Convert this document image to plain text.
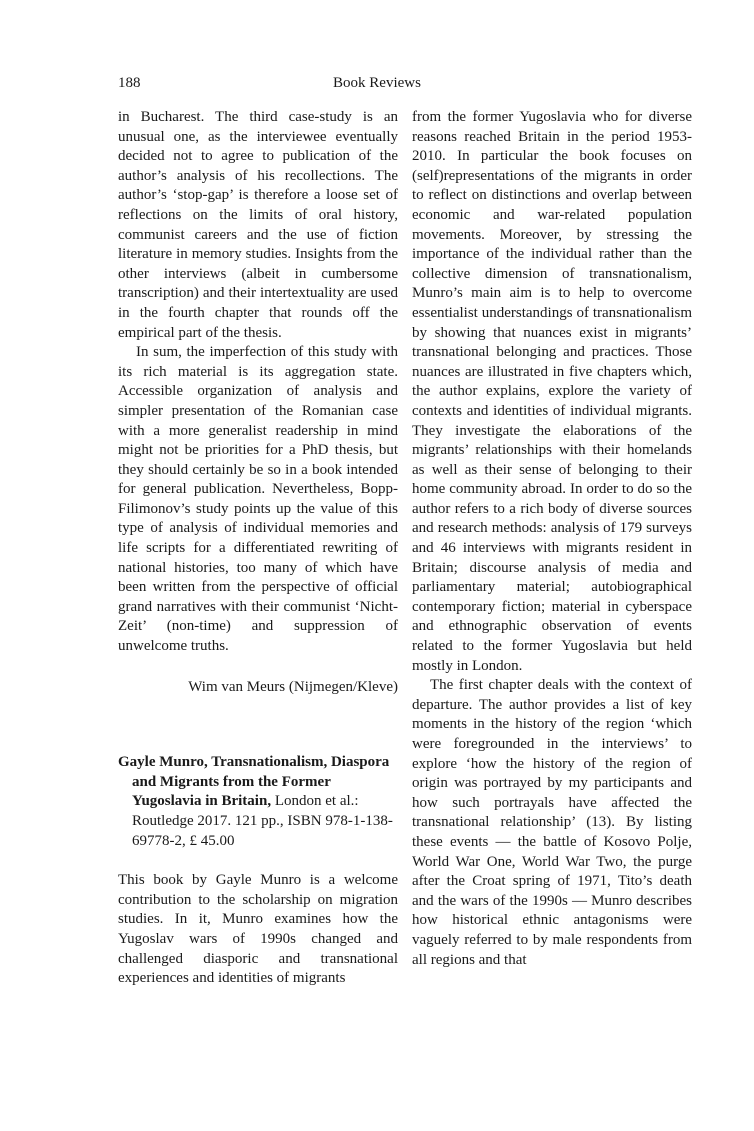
188	Book Reviews

in Bucharest. The third case-study is an unusual one, as the interviewee eventually decided not to agree to publication of the author’s analysis of his recollections. The author’s ‘stop-gap’ is therefore a loose set of reflections on the limits of oral history, communist careers and the use of fiction literature in memory studies. Insights from the other interviews (albeit in cumbersome transcription) and their intertextuality are used in the fourth chapter that rounds off the empirical part of the thesis.

In sum, the imperfection of this study with its rich material is its aggregation state. Accessible organization of analysis and simpler presentation of the Romanian case with a more generalist readership in mind might not be priorities for a PhD thesis, but they should certainly be so in a book intended for general publication. Nevertheless, Bopp-Filimonov’s study points up the value of this type of analysis of individual memories and life scripts for a differentiated rewriting of national histories, too many of which have been written from the perspective of official grand narratives with their communist ‘Nicht-Zeit’ (non-time) and suppression of unwelcome truths.

Wim van Meurs (Nijmegen/Kleve)

Gayle Munro, Transnationalism, Diaspora and Migrants from the Former Yugoslavia in Britain, London et al.: Routledge 2017. 121 pp., ISBN 978-1-138-69778-2, £ 45.00

This book by Gayle Munro is a welcome contribution to the scholarship on migration studies. In it, Munro examines how the Yugoslav wars of 1990s changed and challenged diasporic and transnational experiences and identities of migrants

from the former Yugoslavia who for diverse reasons reached Britain in the period 1953-2010. In particular the book focuses on (self)representations of the migrants in order to reflect on distinctions and overlap between economic and war-related population movements. Moreover, by stressing the importance of the individual rather than the collective dimension of transnationalism, Munro’s main aim is to help to overcome essentialist understandings of transnationalism by showing that nuances exist in migrants’ transnational belonging and practices. Those nuances are illustrated in five chapters which, the author explains, explore the variety of contexts and identities of individual migrants. They investigate the elaborations of the migrants’ relationships with their homelands as well as their sense of belonging to their home community abroad. In order to do so the author refers to a rich body of diverse sources and research methods: analysis of 179 surveys and 46 interviews with migrants resident in Britain; discourse analysis of media and parliamentary material; autobiographical contemporary fiction; material in cyberspace and ethnographic observation of events related to the former Yugoslavia but held mostly in London.

The first chapter deals with the context of departure. The author provides a list of key moments in the history of the region ‘which were foregrounded in the interviews’ to explore ‘how the history of the region of origin was portrayed by my participants and how such portrayals have affected the transnational relationship’ (13). By listing these events — the battle of Kosovo Polje, World War One, World War Two, the purge after the Croat spring of 1971, Tito’s death and the wars of the 1990s — Munro describes how historical ethnic antagonisms were vaguely referred to by male respondents from all regions and that
